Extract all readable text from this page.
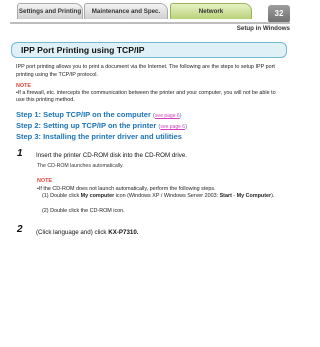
Settings and Printing	Maintenance and Spec.	Network	32
Setup in Windows
IPP Port Printing using TCP/IP
IPP port printing allows you to print a document via the Internet. The following are the steps to setup IPP port printing using the TCP/IP protocol.
NOTE
•If a firewall, etc. intercepts the communication between the printer and your computer, you will not be able to use this printing method.
Step 1: Setup TCP/IP on the computer (see page 6)
Step 2: Setting up TCP/IP on the printer (see page 6)
Step 3: Installing the printer driver and utilities
1 Insert the printer CD-ROM disk into the CD-ROM drive.
The CD-ROM launches automatically.
NOTE
•If the CD-ROM does not launch automatically, perform the following steps.
(1) Double click My computer icon (Windows XP / Windows Server 2003: Start - My Computer).
(2) Double click the CD-ROM icon.
2 (Click language and) click KX-P7310.
